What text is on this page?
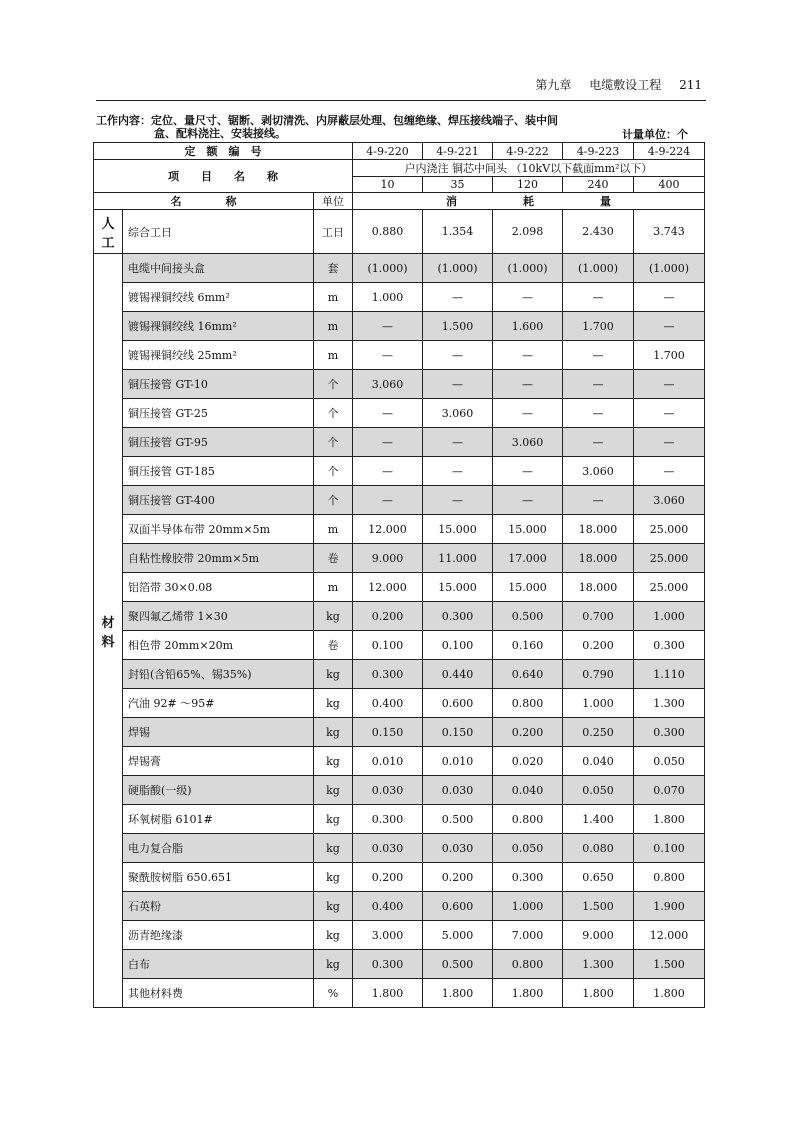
第九章 电缆敷设工程 211
工作内容：定位、量尺寸、锯断、剥切清洗、内屏蔽层处理、包缠绝缘、焊压接线端子、装中间
盒、配料浇注、安装接线。	计量单位：个
定　额　编　号			4-9-220	4-9-221	4-9-222	4-9-223	4-9-224
项　　目　　名　　称			户内浇注 铜芯中间头 （10kV以下截面mm²以下）				
			10	35	120	240	400
名　　　　称		单位	消 耗 量				

人
工	综合工日	工日	0.880	1.354	2.098	2.430	3.743

材
料	电缆中间接头盒	套	(1.000)	(1.000)	(1.000)	(1.000)	(1.000)
	镀锡裸铜绞线 6mm²	m	1.000	—	—	—	—
	镀锡裸铜绞线 16mm²	m	—	1.500	1.600	1.700	—
	镀锡裸铜绞线 25mm²	m	—	—	—	—	1.700
	铜压接管 GT-10	个	3.060	—	—	—	—
	铜压接管 GT-25	个	—	3.060	—	—	—
	铜压接管 GT-95	个	—	—	3.060	—	—
	铜压接管 GT-185	个	—	—	—	3.060	—
	铜压接管 GT-400	个	—	—	—	—	3.060
	双面半导体布带 20mm×5m	m	12.000	15.000	15.000	18.000	25.000
	自粘性橡胶带 20mm×5m	卷	9.000	11.000	17.000	18.000	25.000
	铝箔带 30×0.08	m	12.000	15.000	15.000	18.000	25.000
	聚四氟乙烯带 1×30	kg	0.200	0.300	0.500	0.700	1.000
	相色带 20mm×20m	卷	0.100	0.100	0.160	0.200	0.300
	封铅(含铅65%、锡35%)	kg	0.300	0.440	0.640	0.790	1.110
	汽油 92# ～95#	kg	0.400	0.600	0.800	1.000	1.300
	焊锡	kg	0.150	0.150	0.200	0.250	0.300
	焊锡膏	kg	0.010	0.010	0.020	0.040	0.050
	硬脂酸(一级)	kg	0.030	0.030	0.040	0.050	0.070
	环氧树脂 6101#	kg	0.300	0.500	0.800	1.400	1.800
	电力复合脂	kg	0.030	0.030	0.050	0.080	0.100
	聚酰胺树脂 650.651	kg	0.200	0.200	0.300	0.650	0.800
	石英粉	kg	0.400	0.600	1.000	1.500	1.900
	沥青绝缘漆	kg	3.000	5.000	7.000	9.000	12.000
	白布	kg	0.300	0.500	0.800	1.300	1.500
	其他材料费	%	1.800	1.800	1.800	1.800	1.800
